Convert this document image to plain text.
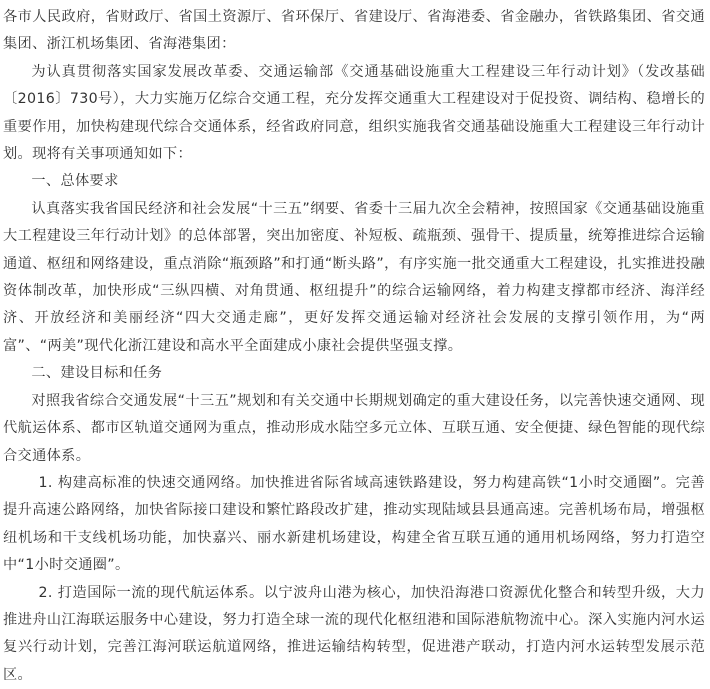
各市人民政府，省财政厅、省国土资源厅、省环保厅、省建设厅、省海港委、省金融办，省铁路集团、省交通集团、浙江机场集团、省海港集团：

为认真贯彻落实国家发展改革委、交通运输部《交通基础设施重大工程建设三年行动计划》（发改基础〔2016〕730号），大力实施万亿综合交通工程，充分发挥交通重大工程建设对于促投资、调结构、稳增长的重要作用，加快构建现代综合交通体系，经省政府同意，组织实施我省交通基础设施重大工程建设三年行动计划。现将有关事项通知如下：

一、总体要求

认真落实我省国民经济和社会发展“十三五”纲要、省委十三届九次全会精神，按照国家《交通基础设施重大工程建设三年行动计划》的总体部署，突出加密度、补短板、疏瓶颈、强骨干、提质量，统筹推进综合运输通道、枢纽和网络建设，重点消除“瓶颈路”和打通“断头路”，有序实施一批交通重大工程建设，扎实推进投融资体制改革，加快形成“三纵四横、对角贯通、枢纽提升”的综合运输网络，着力构建支撑都市经济、海洋经济、开放经济和美丽经济“四大交通走廊”，更好发挥交通运输对经济社会发展的支撑引领作用，为“两富”、“两美”现代化浙江建设和高水平全面建成小康社会提供坚强支撑。

二、建设目标和任务

对照我省综合交通发展“十三五”规划和有关交通中长期规划确定的重大建设任务，以完善快速交通网、现代航运体系、都市区轨道交通网为重点，推动形成水陆空多元立体、互联互通、安全便捷、绿色智能的现代综合交通体系。

1. 构建高标准的快速交通网络。加快推进省际省域高速铁路建设，努力构建高铁“1小时交通圈”。完善提升高速公路网络，加快省际接口建设和繁忙路段改扩建，推动实现陆域县县通高速。完善机场布局，增强枢纽机场和干支线机场功能，加快嘉兴、丽水新建机场建设，构建全省互联互通的通用机场网络，努力打造空中“1小时交通圈”。

2. 打造国际一流的现代航运体系。以宁波舟山港为核心，加快沿海港口资源优化整合和转型升级，大力推进舟山江海联运服务中心建设，努力打造全球一流的现代化枢纽港和国际港航物流中心。深入实施内河水运复兴行动计划，完善江海河联运航道网络，推进运输结构转型，促进港产联动，打造内河水运转型发展示范区。
